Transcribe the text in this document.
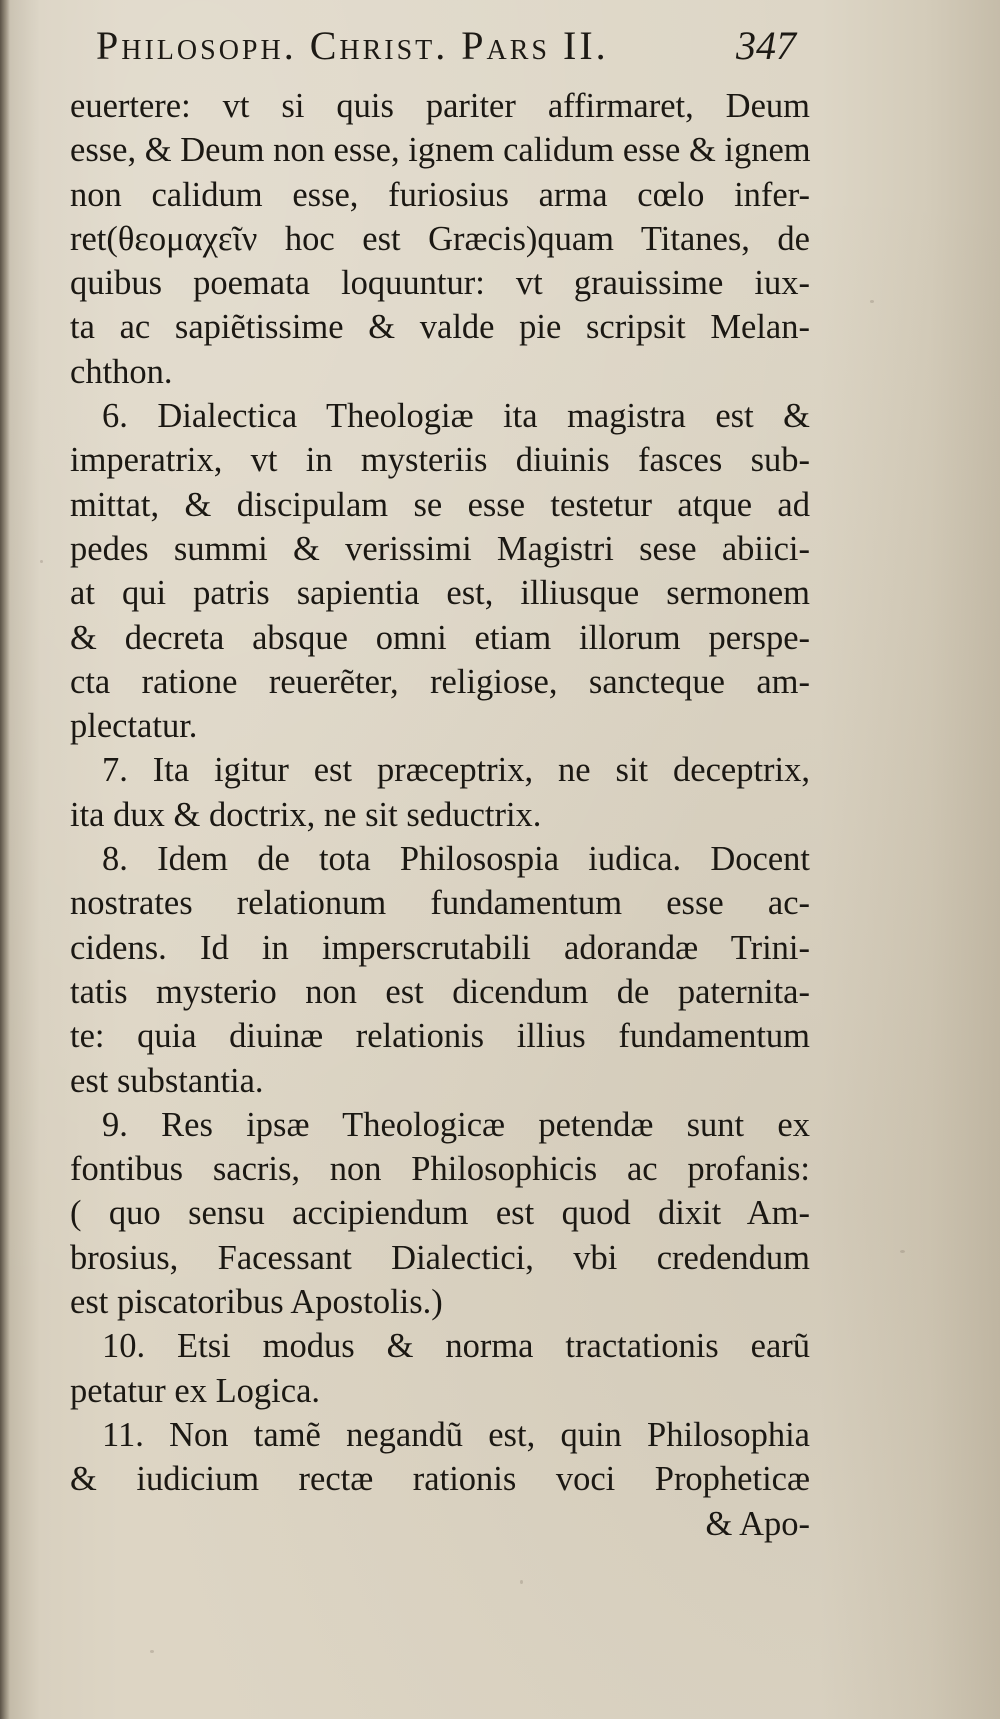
Philosoph. Christ. Pars II.	347
euertere: vt si quis pariter affirmaret, Deum
esse, & Deum non esse, ignem calidum esse & ignem
non calidum esse, furiosius arma cœlo infer-
ret(θεομαχεῖν hoc est Græcis)quam Titanes, de
quibus poemata loquuntur: vt grauissime iux-
ta ac sapiẽtissime & valde pie scripsit Melan-
chthon.
6. Dialectica Theologiæ ita magistra est &
imperatrix, vt in mysteriis diuinis fasces sub-
mittat, & discipulam se esse testetur atque ad
pedes summi & verissimi Magistri sese abiici-
at qui patris sapientia est, illiusque sermonem
& decreta absque omni etiam illorum perspe-
cta ratione reuerẽter, religiose, sancteque am-
plectatur.
7. Ita igitur est præceptrix, ne sit deceptrix,
ita dux & doctrix, ne sit seductrix.
8. Idem de tota Philosospia iudica. Docent
nostrates relationum fundamentum esse ac-
cidens. Id in imperscrutabili adorandæ Trini-
tatis mysterio non est dicendum de paternita-
te: quia diuinæ relationis illius fundamentum
est substantia.
9. Res ipsæ Theologicæ petendæ sunt ex
fontibus sacris, non Philosophicis ac profanis:
( quo sensu accipiendum est quod dixit Am-
brosius, Facessant Dialectici, vbi credendum
est piscatoribus Apostolis.)
10. Etsi modus & norma tractationis earũ
petatur ex Logica.
11. Non tamẽ negandũ est, quin Philosophia
& iudicium rectæ rationis voci Propheticæ
& Apo-
